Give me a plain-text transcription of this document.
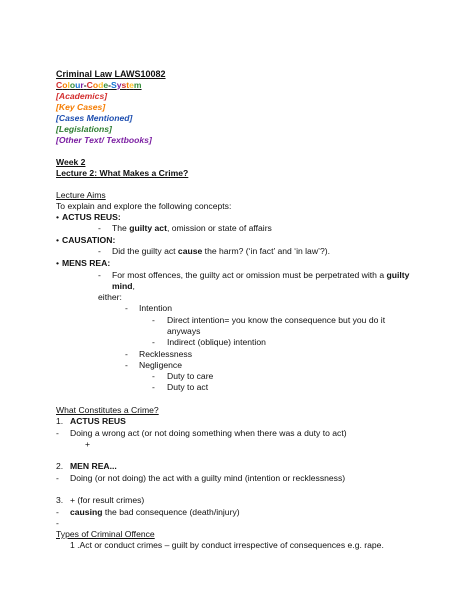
Criminal Law LAWS10082
Colour-Code-System
[Academics]
[Key Cases]
[Cases Mentioned]
[Legislations]
[Other Text/ Textbooks]
Week 2
Lecture 2: What Makes a Crime?
Lecture Aims
To explain and explore the following concepts:
• ACTUS REUS:
- The guilty act, omission or state of affairs
• CAUSATION:
- Did the guilty act cause the harm? (‘in fact’ and ‘in law’?).
• MENS REA:
- For most offences, the guilty act or omission must be perpetrated with a guilty
mind,
either:
- Intention
- Direct intention= you know the consequence but you do it
anyways
- Indirect (oblique) intention
- Recklessness
- Negligence
- Duty to care
- Duty to act
What Constitutes a Crime?
1. ACTUS REUS
- Doing a wrong act (or not doing something when there was a duty to act)
+
2. MEN REA...
- Doing (or not doing) the act with a guilty mind (intention or recklessness)
3. + (for result crimes)
- causing the bad consequence (death/injury)
-
Types of Criminal Offence
1 .Act or conduct crimes – guilt by conduct irrespective of consequences e.g. rape.
